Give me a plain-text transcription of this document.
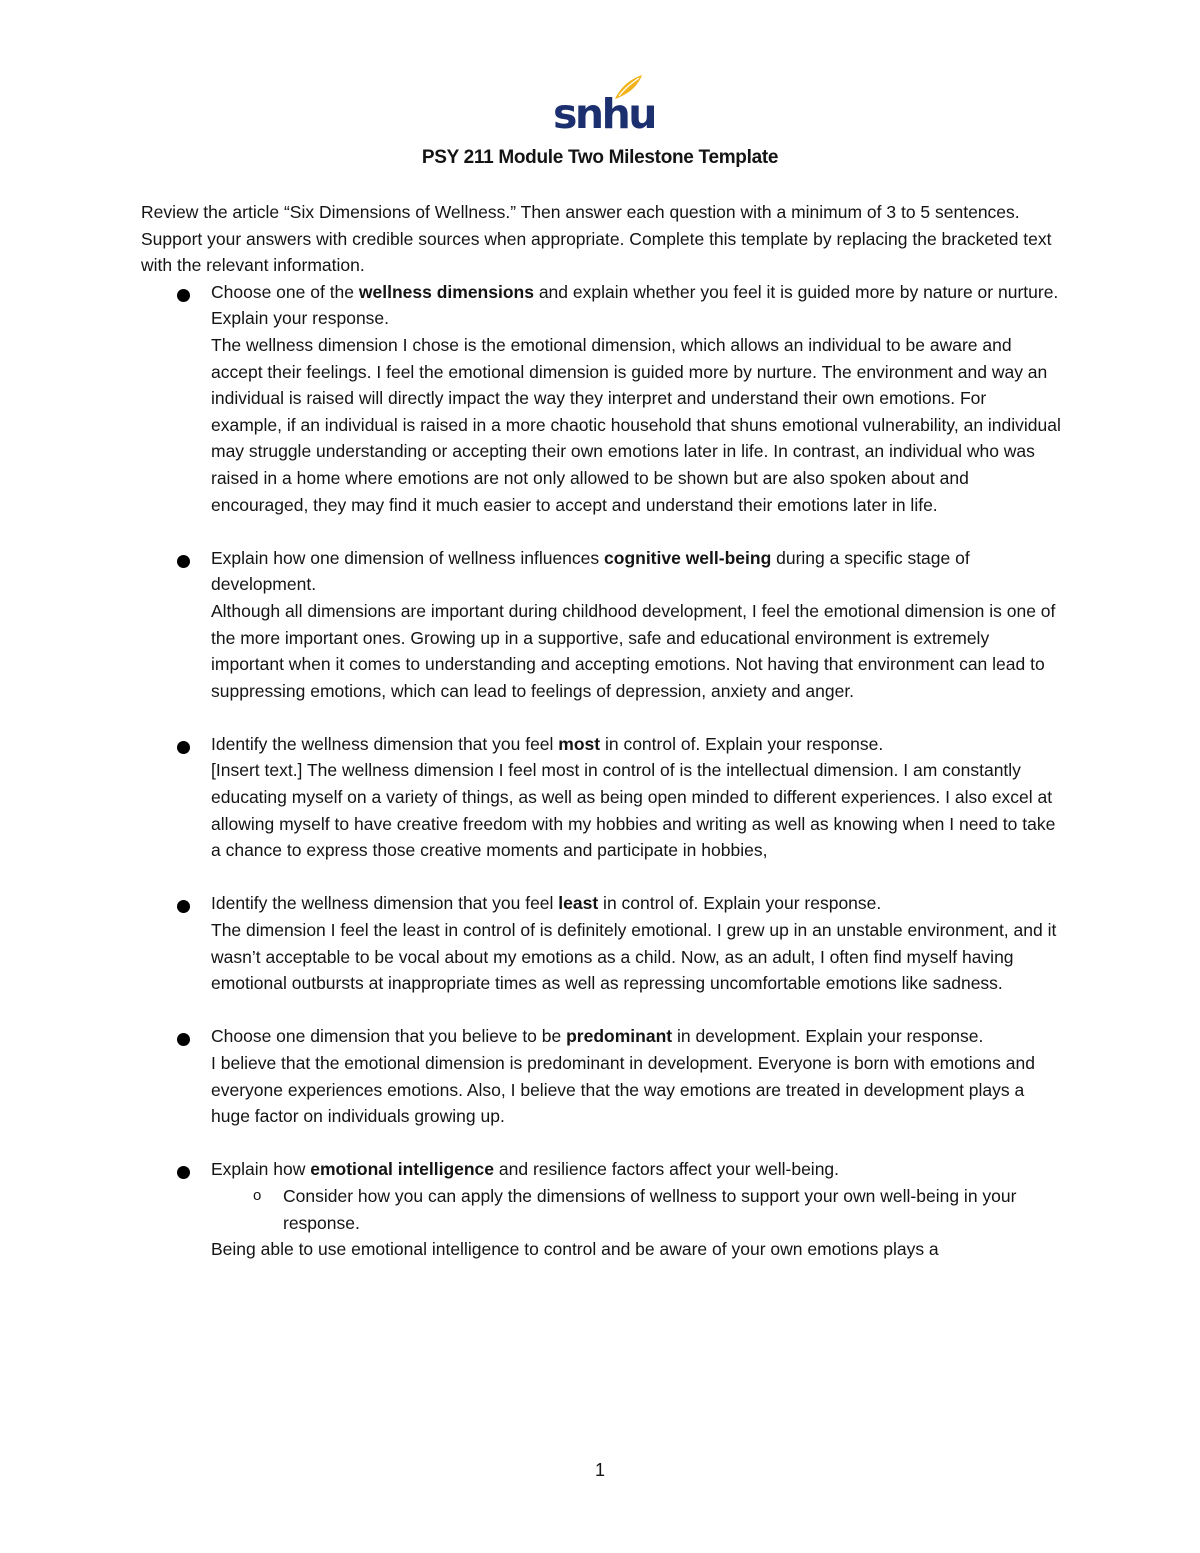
snhu
PSY 211 Module Two Milestone Template

Review the article “Six Dimensions of Wellness.” Then answer each question with a minimum of 3 to 5 sentences. Support your answers with credible sources when appropriate. Complete this template by replacing the bracketed text with the relevant information.

Choose one of the wellness dimensions and explain whether you feel it is guided more by nature or nurture. Explain your response.

The wellness dimension I chose is the emotional dimension, which allows an individual to be aware and accept their feelings. I feel the emotional dimension is guided more by nurture. The environment and way an individual is raised will directly impact the way they interpret and understand their own emotions. For example, if an individual is raised in a more chaotic household that shuns emotional vulnerability, an individual may struggle understanding or accepting their own emotions later in life. In contrast, an individual who was raised in a home where emotions are not only allowed to be shown but are also spoken about and encouraged, they may find it much easier to accept and understand their emotions later in life.

Explain how one dimension of wellness influences cognitive well-being during a specific stage of development.

Although all dimensions are important during childhood development, I feel the emotional dimension is one of the more important ones. Growing up in a supportive, safe and educational environment is extremely important when it comes to understanding and accepting emotions. Not having that environment can lead to suppressing emotions, which can lead to feelings of depression, anxiety and anger.

Identify the wellness dimension that you feel most in control of. Explain your response.

[Insert text.] The wellness dimension I feel most in control of is the intellectual dimension. I am constantly educating myself on a variety of things, as well as being open minded to different experiences. I also excel at allowing myself to have creative freedom with my hobbies and writing as well as knowing when I need to take a chance to express those creative moments and participate in hobbies,

Identify the wellness dimension that you feel least in control of. Explain your response.

The dimension I feel the least in control of is definitely emotional. I grew up in an unstable environment, and it wasn’t acceptable to be vocal about my emotions as a child. Now, as an adult, I often find myself having emotional outbursts at inappropriate times as well as repressing uncomfortable emotions like sadness.

Choose one dimension that you believe to be predominant in development. Explain your response.

I believe that the emotional dimension is predominant in development. Everyone is born with emotions and everyone experiences emotions. Also, I believe that the way emotions are treated in development plays a huge factor on individuals growing up.

Explain how emotional intelligence and resilience factors affect your well-being.

o Consider how you can apply the dimensions of wellness to support your own well-being in your response.

Being able to use emotional intelligence to control and be aware of your own emotions plays a

1
